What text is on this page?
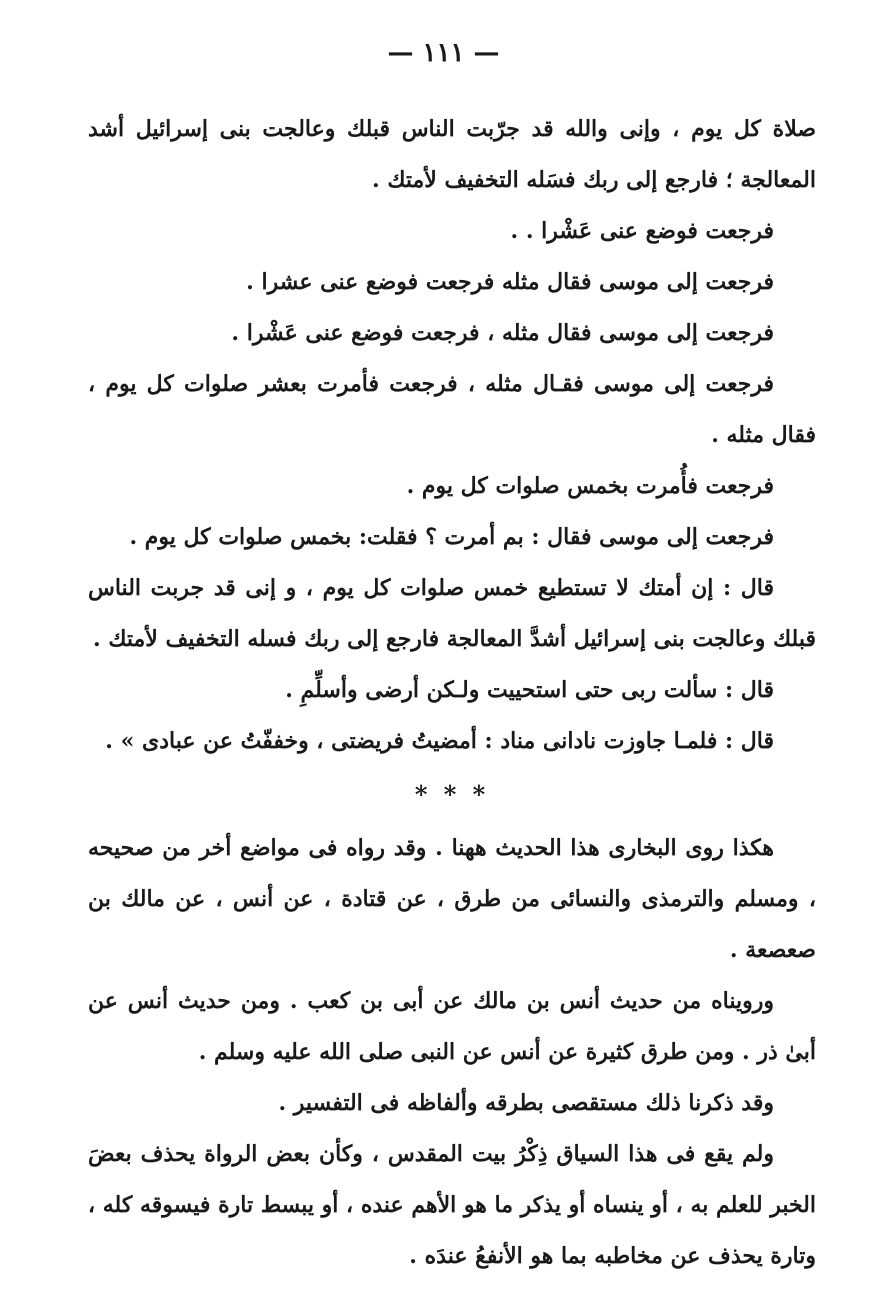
— ١١١ —

صلاة كل يوم ، وإنى والله قد جرّبت الناس قبلك وعالجت بنى إسرائيل أشد المعالجة ؛ فارجع إلى ربك فسَله التخفيف لأمتك .

فرجعت فوضع عنى عَشْرا . .

فرجعت إلى موسى فقال مثله فرجعت فوضع عنى عشرا .

فرجعت إلى موسى فقال مثله ، فرجعت فوضع عنى عَشْرا .

فرجعت إلى موسى فقـال مثله ، فرجعت فأمرت بعشر صلوات كل يوم ، فقال مثله .

فرجعت فأُمرت بخمس صلوات كل يوم .

فرجعت إلى موسى فقال : بم أمرت ؟ فقلت: بخمس صلوات كل يوم .

قال : إن أمتك لا تستطيع خمس صلوات كل يوم ، و إنى قد جربت الناس قبلك وعالجت بنى إسرائيل أشدَّ المعالجة فارجع إلى ربك فسله التخفيف لأمتك .

قال : سألت ربى حتى استحييت ولـكن أرضى وأسلِّمِ .

قال : فلمـا جاوزت نادانى مناد : أمضيتُ فريضتى ، وخففّتُ عن عبادى » .

* * *

هكذا روى البخارى هذا الحديث ههنا . وقد رواه فى مواضع أخر من صحيحه ، ومسلم والترمذى والنسائى من طرق ، عن قتادة ، عن أنس ، عن مالك بن صعصعة .

ورويناه من حديث أنس بن مالك عن أبى بن كعب . ومن حديث أنس عن أبىٰ ذر . ومن طرق كثيرة عن أنس عن النبى صلى الله عليه وسلم .

وقد ذكرنا ذلك مستقصى بطرقه وألفاظه فى التفسير .

ولم يقع فى هذا السياق ذِكْرُ بيت المقدس ، وكأن بعض الرواة يحذف بعضَ الخبر للعلم به ، أو ينساه أو يذكر ما هو الأهم عنده ، أو يبسط تارة فيسوقه كله ، وتارة يحذف عن مخاطبه بما هو الأنفعُ عندَه .
